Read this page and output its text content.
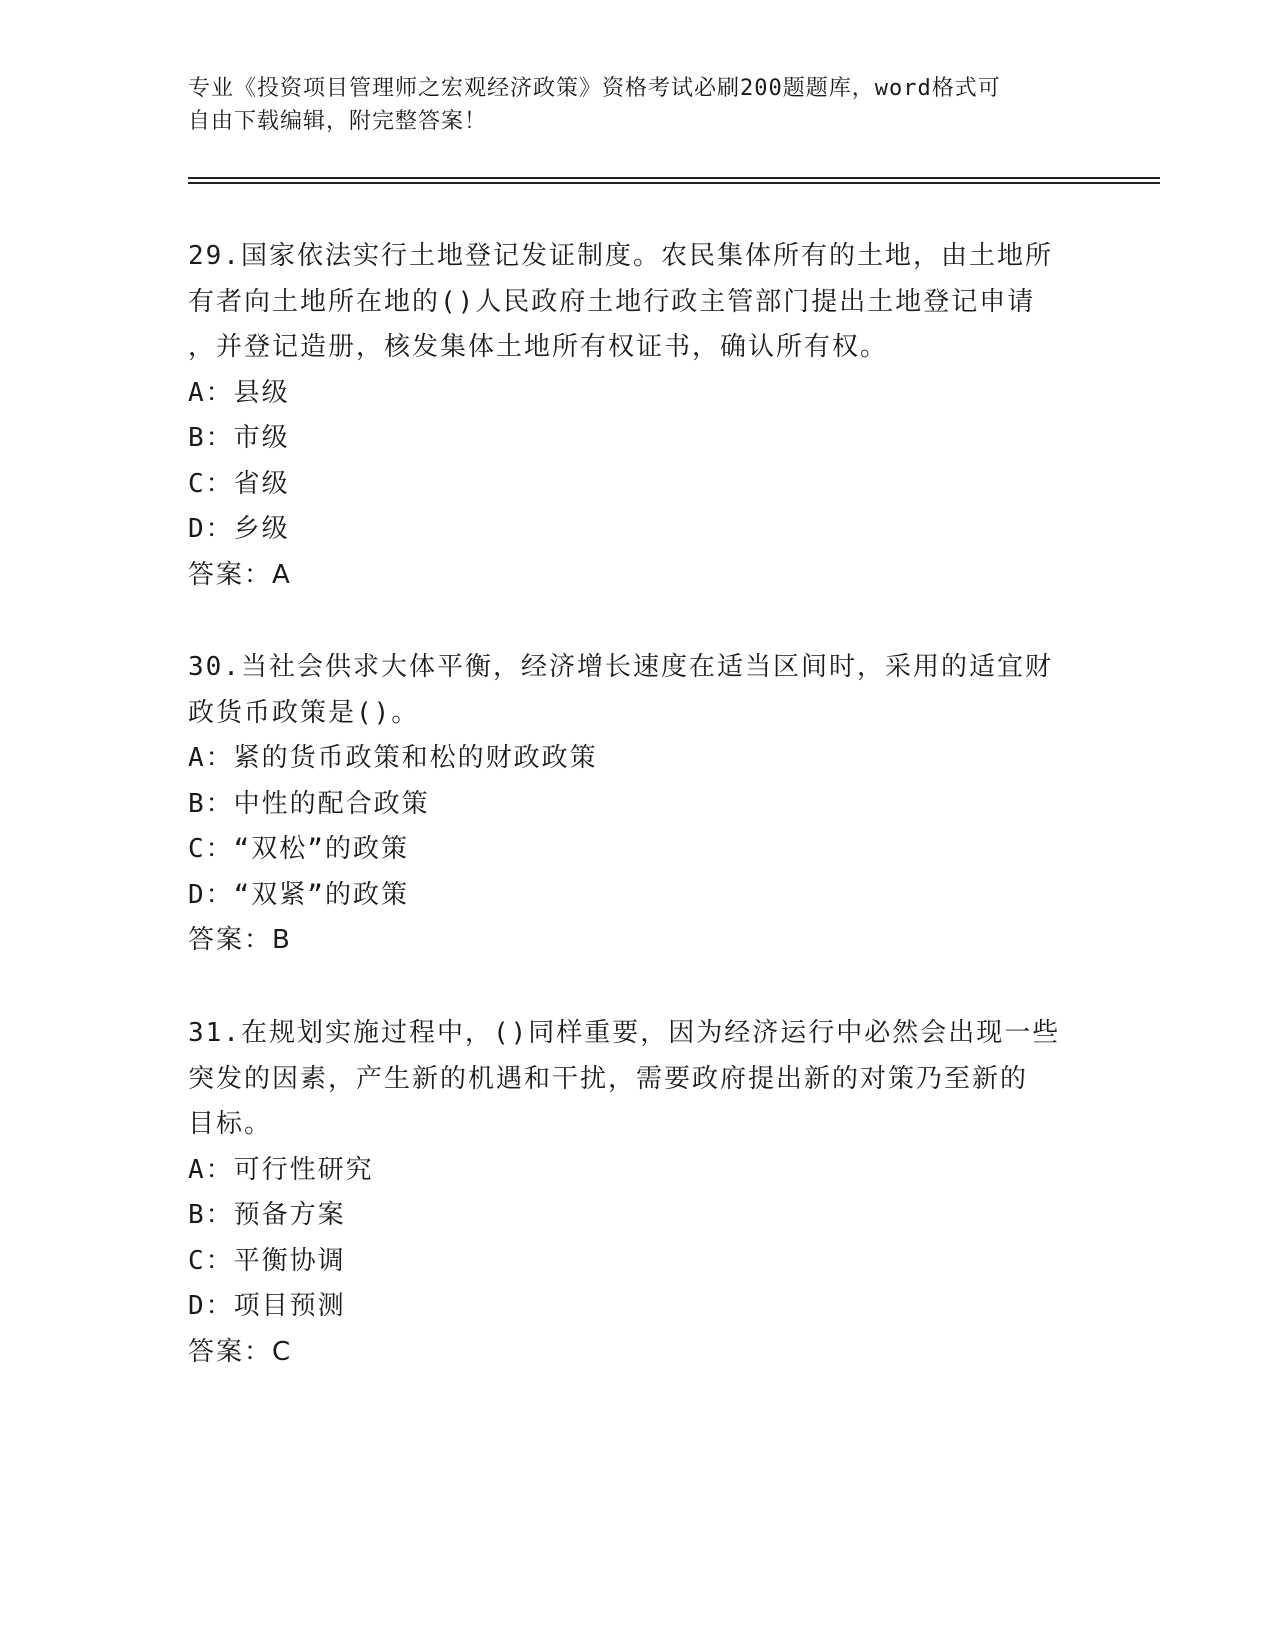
专业《投资项目管理师之宏观经济政策》资格考试必刷200题题库，word格式可
自由下载编辑，附完整答案！

29.国家依法实行土地登记发证制度。农民集体所有的土地，由土地所

有者向土地所在地的()人民政府土地行政主管部门提出土地登记申请

，并登记造册，核发集体土地所有权证书，确认所有权。

A：县级

B：市级

C：省级

D：乡级

答案：A

30.当社会供求大体平衡，经济增长速度在适当区间时，采用的适宜财

政货币政策是()。

A：紧的货币政策和松的财政政策

B：中性的配合政策

C：“双松”的政策

D：“双紧”的政策

答案：B

31.在规划实施过程中，()同样重要，因为经济运行中必然会出现一些

突发的因素，产生新的机遇和干扰，需要政府提出新的对策乃至新的

目标。

A：可行性研究

B：预备方案

C：平衡协调

D：项目预测

答案：C
